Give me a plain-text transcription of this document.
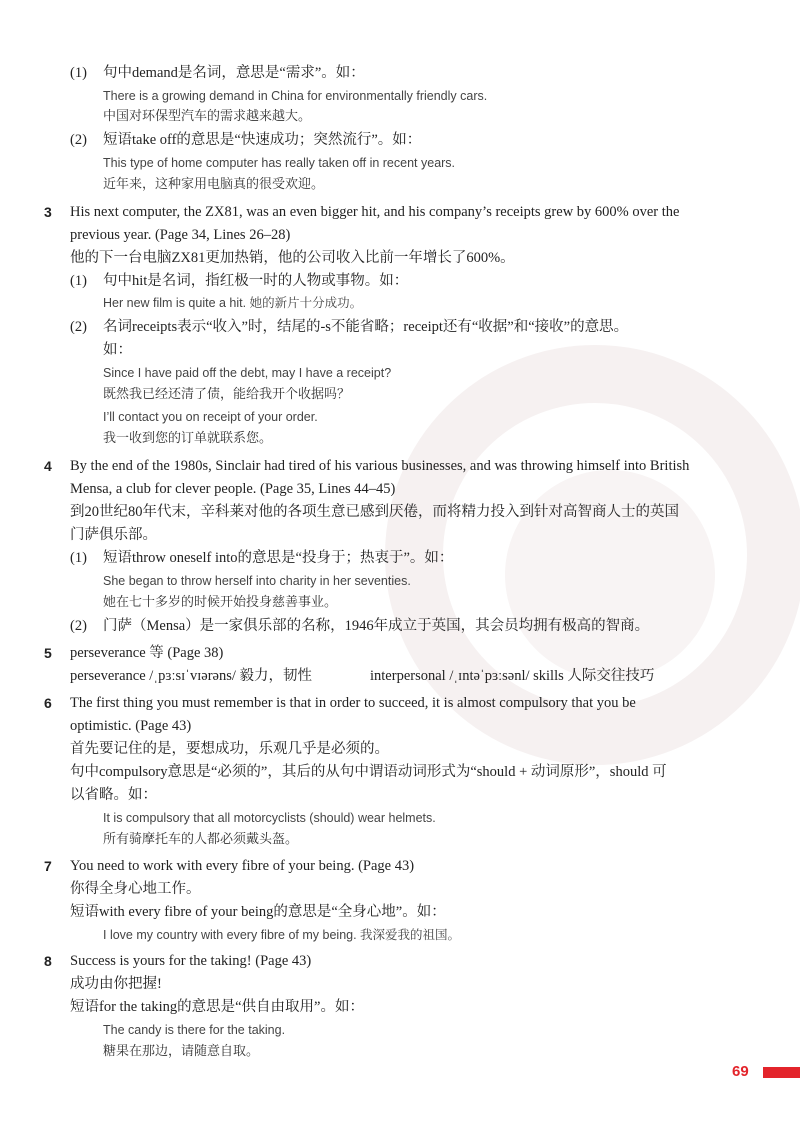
(1) 句中demand是名词，意思是“需求”。如：
There is a growing demand in China for environmentally friendly cars.
中国对环保型汽车的需求越来越大。
(2) 短语take off的意思是“快速成功；突然流行”。如：
This type of home computer has really taken off in recent years.
近年来，这种家用电脑真的很受欢迎。
3 His next computer, the ZX81, was an even bigger hit, and his company’s receipts grew by 600% over the
previous year. (Page 34, Lines 26–28)
他的下一台电脑ZX81更加热销，他的公司收入比前一年增长了600%。
(1) 句中hit是名词，指红极一时的人物或事物。如：
Her new film is quite a hit. 她的新片十分成功。
(2) 名词receipts表示“收入”时，结尾的-s不能省略；receipt还有“收据”和“接收”的意思。
如：
Since I have paid off the debt, may I have a receipt?
既然我已经还清了债，能给我开个收据吗？
I’ll contact you on receipt of your order.
我一收到您的订单就联系您。
4 By the end of the 1980s, Sinclair had tired of his various businesses, and was throwing himself into British
Mensa, a club for clever people. (Page 35, Lines 44–45)
到20世纪80年代末，辛科莱对他的各项生意已感到厌倦，而将精力投入到针对高智商人士的英国
门萨俱乐部。
(1) 短语throw oneself into的意思是“投身于；热衷于”。如：
She began to throw herself into charity in her seventies.
她在七十多岁的时候开始投身慈善事业。
(2) 门萨（Mensa）是一家俱乐部的名称，1946年成立于英国，其会员均拥有极高的智商。
5 perseverance 等 (Page 38)
perseverance /ˌpɜːsɪˈvɪərəns/ 毅力，韧性	interpersonal /ˌɪntəˈpɜːsənl/ skills 人际交往技巧
6 The first thing you must remember is that in order to succeed, it is almost compulsory that you be
optimistic. (Page 43)
首先要记住的是，要想成功，乐观几乎是必须的。
句中compulsory意思是“必须的”，其后的从句中谓语动词形式为“should + 动词原形”，should 可
以省略。如：
It is compulsory that all motorcyclists (should) wear helmets.
所有骑摩托车的人都必须戴头盔。
7 You need to work with every fibre of your being. (Page 43)
你得全身心地工作。
短语with every fibre of your being的意思是“全身心地”。如：
I love my country with every fibre of my being. 我深爱我的祖国。
8 Success is yours for the taking! (Page 43)
成功由你把握!
短语for the taking的意思是“供自由取用”。如：
The candy is there for the taking.
糖果在那边，请随意自取。
69
